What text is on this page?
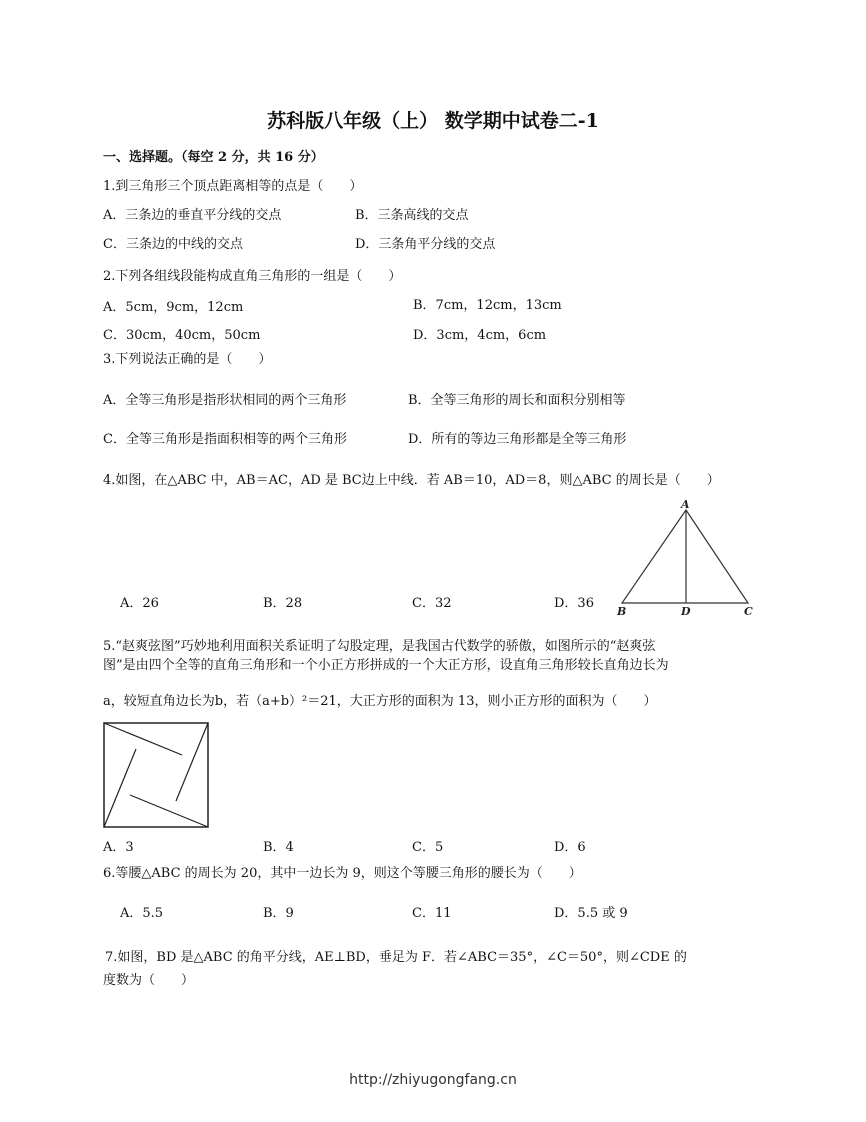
苏科版八年级（上） 数学期中试卷二-1
一、选择题。（每空 2 分，共 16 分）
1.到三角形三个顶点距离相等的点是（　　）
A．三条边的垂直平分线的交点	B．三条高线的交点
C．三条边的中线的交点	D．三条角平分线的交点
2.下列各组线段能构成直角三角形的一组是（　　）
A．5cm，9cm，12cm	B．7cm，12cm，13cm
C．30cm，40cm，50cm	D．3cm，4cm，6cm
3.下列说法正确的是（　　）
A．全等三角形是指形状相同的两个三角形	B．全等三角形的周长和面积分别相等
C．全等三角形是指面积相等的两个三角形	D．所有的等边三角形都是全等三角形
4.如图，在△ABC 中，AB＝AC，AD 是 BC边上中线．若 AB＝10，AD＝8，则△ABC 的周长是（　　）
A．26	B．28	C．32	D．36
A
B	D	C
5.“赵爽弦图”巧妙地利用面积关系证明了勾股定理，是我国古代数学的骄傲，如图所示的“赵爽弦
图”是由四个全等的直角三角形和一个小正方形拼成的一个大正方形，设直角三角形较长直角边长为
a，较短直角边长为b，若（a+b）²＝21，大正方形的面积为 13，则小正方形的面积为（　　）
A．3	B．4	C．5	D．6
6.等腰△ABC 的周长为 20，其中一边长为 9，则这个等腰三角形的腰长为（　　）
A．5.5	B．9	C．11	D．5.5 或 9
7.如图，BD 是△ABC 的角平分线，AE⊥BD，垂足为 F．若∠ABC＝35°，∠C＝50°，则∠CDE 的
度数为（　　）
http://zhiyugongfang.cn
